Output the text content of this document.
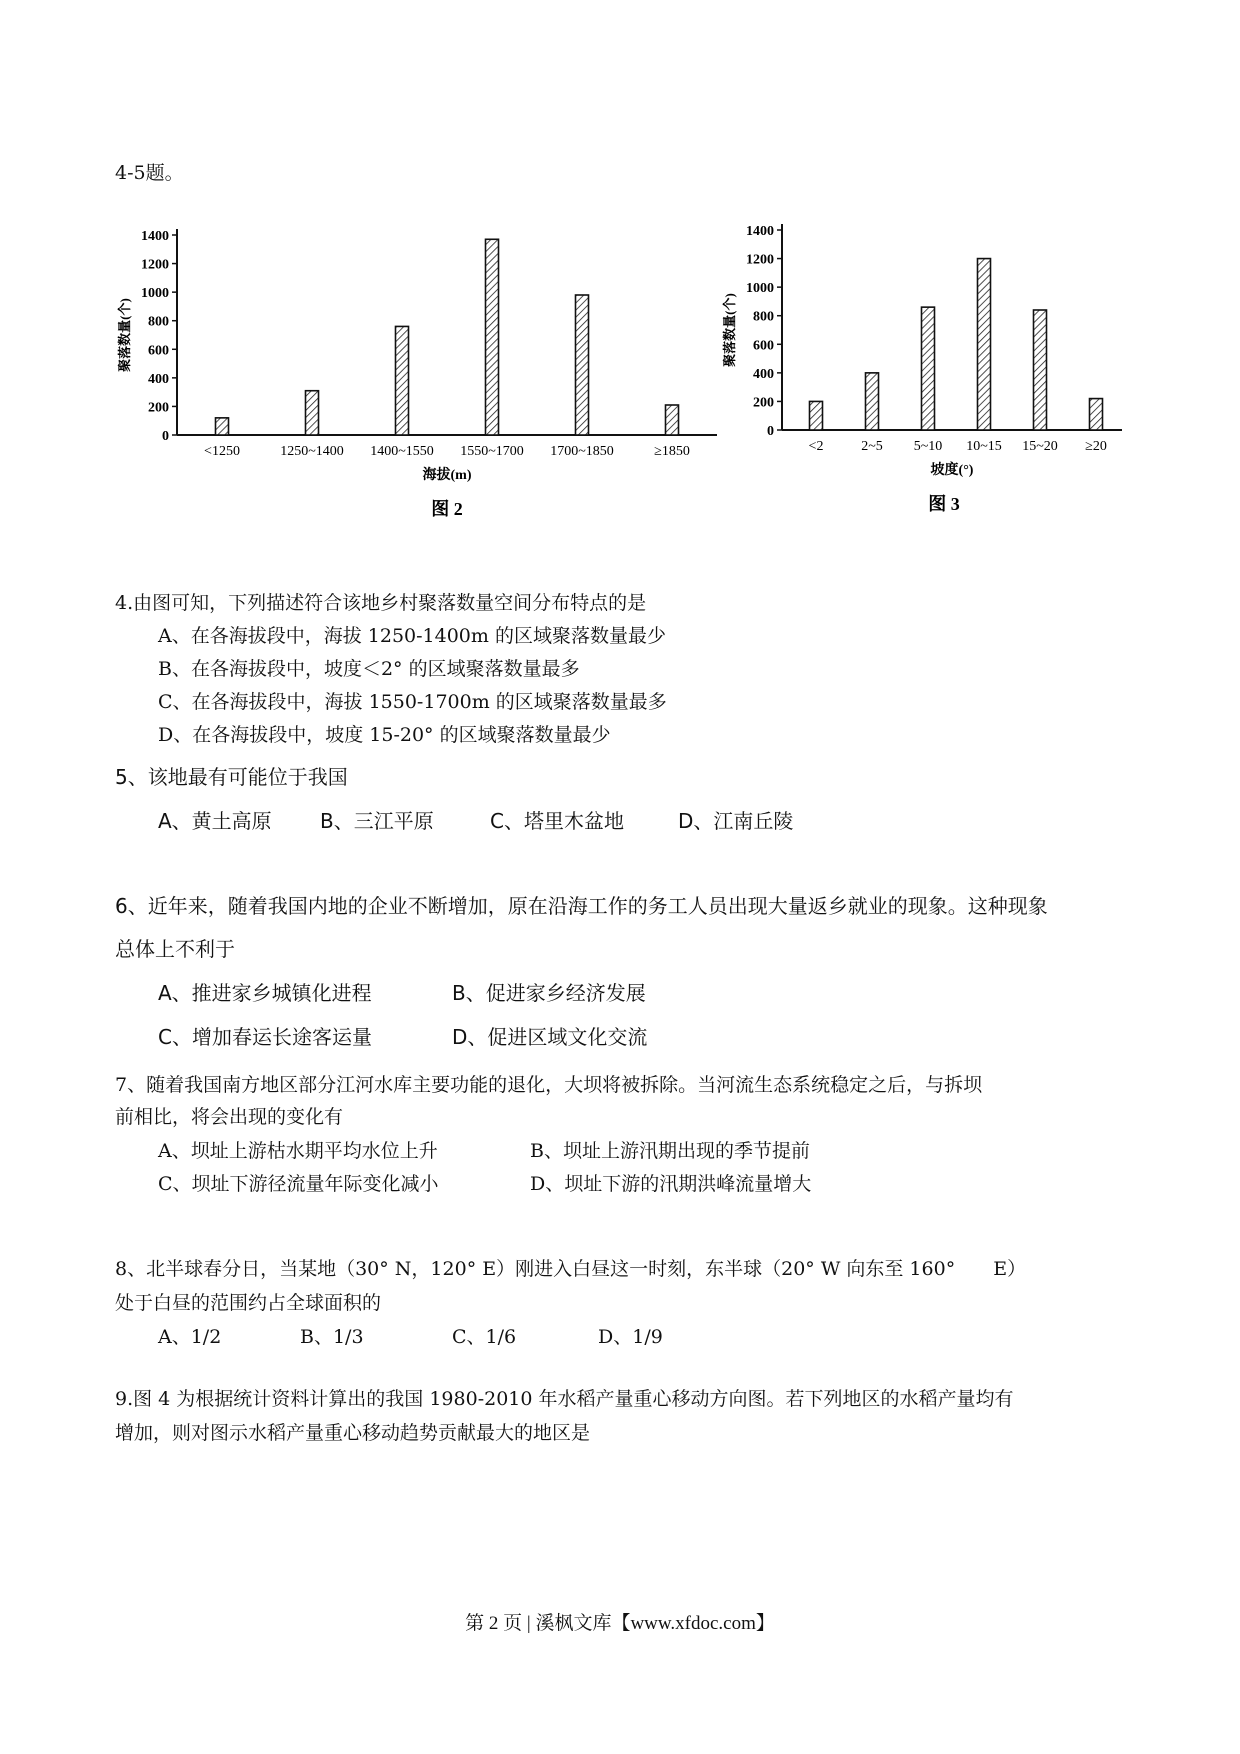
4-5题。
0
200
400
600
800
1000
1200
1400
聚落数量(个)
<1250	1250~1400 1400~1550 1550~1700 1700~1850	≥1850
海拔(m)
图 2
0
200
400
600
800
1000
1200
1400
聚落数量(个)
<2	2~5 5~10 10~15 15~20 ≥20
坡度(°)
图 3
4.由图可知，下列描述符合该地乡村聚落数量空间分布特点的是
A、在各海拔段中，海拔 1250-1400m 的区域聚落数量最少
B、在各海拔段中，坡度＜2° 的区域聚落数量最多
C、在各海拔段中，海拔 1550-1700m 的区域聚落数量最多
D、在各海拔段中，坡度 15-20° 的区域聚落数量最少
5、该地最有可能位于我国
A、黄土高原 B、三江平原	C、塔里木盆地	D、江南丘陵
6、近年来，随着我国内地的企业不断增加，原在沿海工作的务工人员出现大量返乡就业的现象。这种现象
总体上不利于
A、推进家乡城镇化进程	B、促进家乡经济发展
C、增加春运长途客运量	D、促进区域文化交流
7、随着我国南方地区部分江河水库主要功能的退化，大坝将被拆除。当河流生态系统稳定之后，与拆坝
前相比，将会出现的变化有
A、坝址上游枯水期平均水位上升	B、坝址上游汛期出现的季节提前
C、坝址下游径流量年际变化减小	D、坝址下游的汛期洪峰流量增大
8、北半球春分日，当某地（30° N，120° E）刚进入白昼这一时刻，东半球（20° W 向东至 160°　　E）
处于白昼的范围约占全球面积的
A、1/2	B、1/3	C、1/6	D、1/9
9.图 4 为根据统计资料计算出的我国 1980-2010 年水稻产量重心移动方向图。若下列地区的水稻产量均有
增加，则对图示水稻产量重心移动趋势贡献最大的地区是
第 2 页 | 溪枫文库【www.xfdoc.com】
